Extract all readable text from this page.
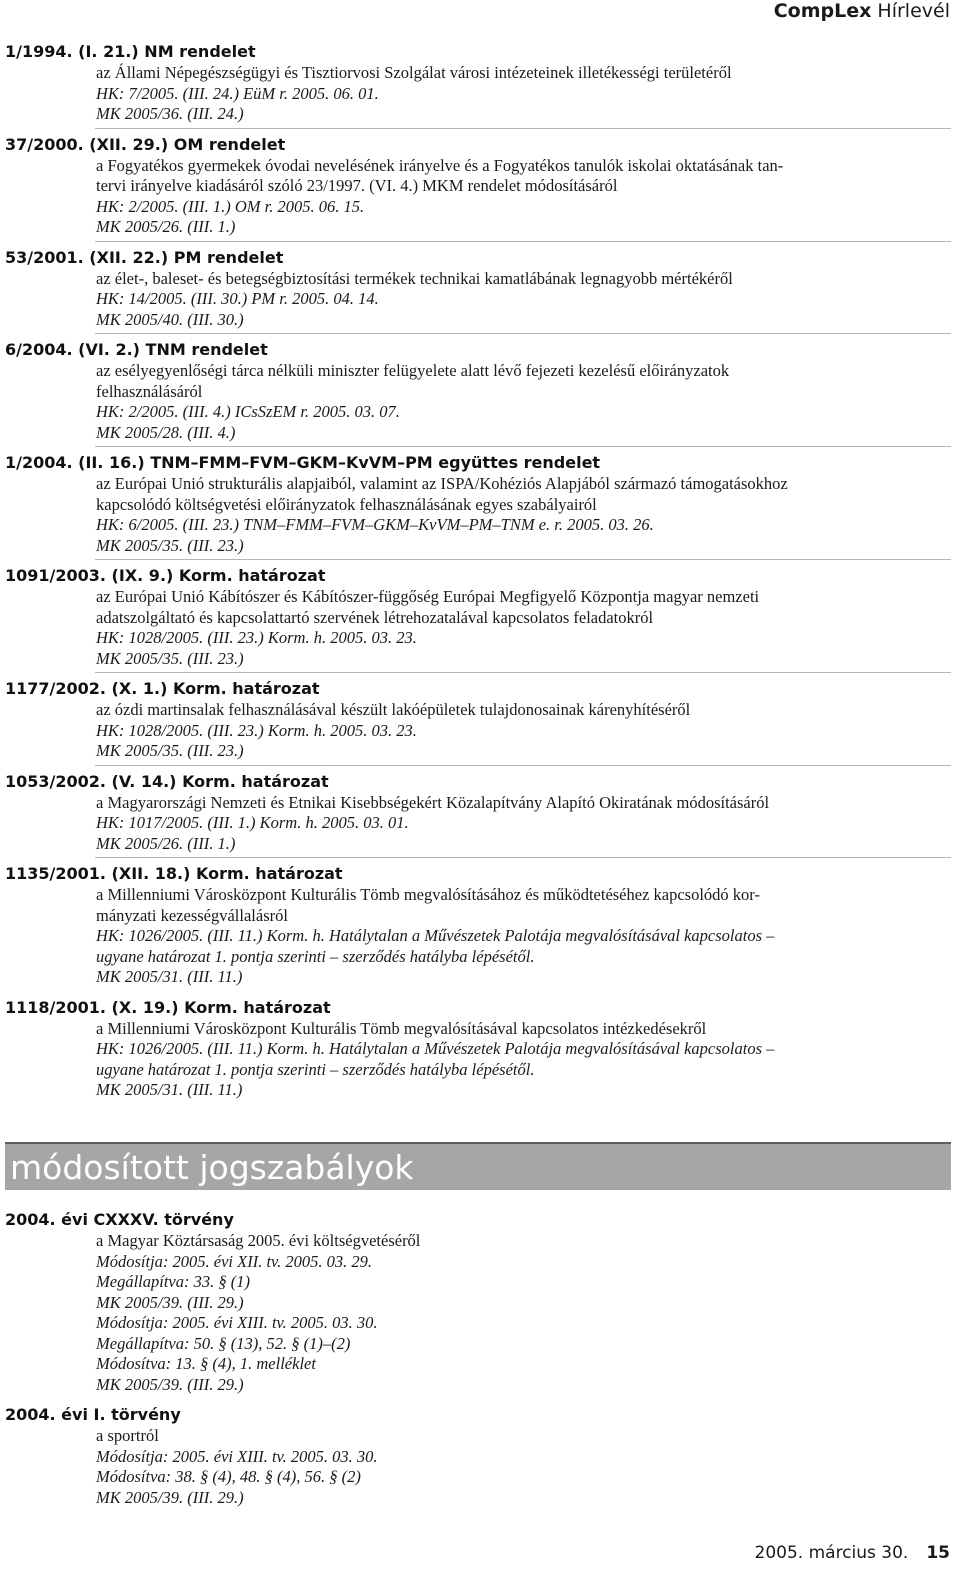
CompLex Hírlevél
1/1994. (I. 21.) NM rendelet
az Állami Népegészségügyi és Tisztiorvosi Szolgálat városi intézeteinek illetékességi területéről
HK: 7/2005. (III. 24.) EüM r. 2005. 06. 01.
MK 2005/36. (III. 24.)
37/2000. (XII. 29.) OM rendelet
a Fogyatékos gyermekek óvodai nevelésének irányelve és a Fogyatékos tanulók iskolai oktatásának tan-
tervi irányelve kiadásáról szóló 23/1997. (VI. 4.) MKM rendelet módosításáról
HK: 2/2005. (III. 1.) OM r. 2005. 06. 15.
MK 2005/26. (III. 1.)
53/2001. (XII. 22.) PM rendelet
az élet-, baleset- és betegségbiztosítási termékek technikai kamatlábának legnagyobb mértékéről
HK: 14/2005. (III. 30.) PM r. 2005. 04. 14.
MK 2005/40. (III. 30.)
6/2004. (VI. 2.) TNM rendelet
az esélyegyenlőségi tárca nélküli miniszter felügyelete alatt lévő fejezeti kezelésű előirányzatok
felhasználásáról
HK: 2/2005. (III. 4.) ICsSzEM r. 2005. 03. 07.
MK 2005/28. (III. 4.)
1/2004. (II. 16.) TNM–FMM–FVM–GKM–KvVM–PM együttes rendelet
az Európai Unió strukturális alapjaiból, valamint az ISPA/Kohéziós Alapjából származó támogatásokhoz
kapcsolódó költségvetési előirányzatok felhasználásának egyes szabályairól
HK: 6/2005. (III. 23.) TNM–FMM–FVM–GKM–KvVM–PM–TNM e. r. 2005. 03. 26.
MK 2005/35. (III. 23.)
1091/2003. (IX. 9.) Korm. határozat
az Európai Unió Kábítószer és Kábítószer-függőség Európai Megfigyelő Központja magyar nemzeti
adatszolgáltató és kapcsolattartó szervének létrehozatalával kapcsolatos feladatokról
HK: 1028/2005. (III. 23.) Korm. h. 2005. 03. 23.
MK 2005/35. (III. 23.)
1177/2002. (X. 1.) Korm. határozat
az ózdi martinsalak felhasználásával készült lakóépületek tulajdonosainak kárenyhítéséről
HK: 1028/2005. (III. 23.) Korm. h. 2005. 03. 23.
MK 2005/35. (III. 23.)
1053/2002. (V. 14.) Korm. határozat
a Magyarországi Nemzeti és Etnikai Kisebbségekért Közalapítvány Alapító Okiratának módosításáról
HK: 1017/2005. (III. 1.) Korm. h. 2005. 03. 01.
MK 2005/26. (III. 1.)
1135/2001. (XII. 18.) Korm. határozat
a Millenniumi Városközpont Kulturális Tömb megvalósításához és működtetéséhez kapcsolódó kor-
mányzati kezességvállalásról
HK: 1026/2005. (III. 11.) Korm. h. Hatálytalan a Művészetek Palotája megvalósításával kapcsolatos –
ugyane határozat 1. pontja szerinti – szerződés hatályba lépésétől.
MK 2005/31. (III. 11.)
1118/2001. (X. 19.) Korm. határozat
a Millenniumi Városközpont Kulturális Tömb megvalósításával kapcsolatos intézkedésekről
HK: 1026/2005. (III. 11.) Korm. h. Hatálytalan a Művészetek Palotája megvalósításával kapcsolatos –
ugyane határozat 1. pontja szerinti – szerződés hatályba lépésétől.
MK 2005/31. (III. 11.)
módosított jogszabályok
2004. évi CXXXV. törvény
a Magyar Köztársaság 2005. évi költségvetéséről
Módosítja: 2005. évi XII. tv. 2005. 03. 29.
Megállapítva: 33. § (1)
MK 2005/39. (III. 29.)
Módosítja: 2005. évi XIII. tv. 2005. 03. 30.
Megállapítva: 50. § (13), 52. § (1)–(2)
Módosítva: 13. § (4), 1. melléklet
MK 2005/39. (III. 29.)
2004. évi I. törvény
a sportról
Módosítja: 2005. évi XIII. tv. 2005. 03. 30.
Módosítva: 38. § (4), 48. § (4), 56. § (2)
MK 2005/39. (III. 29.)
2005. március 30. 15
